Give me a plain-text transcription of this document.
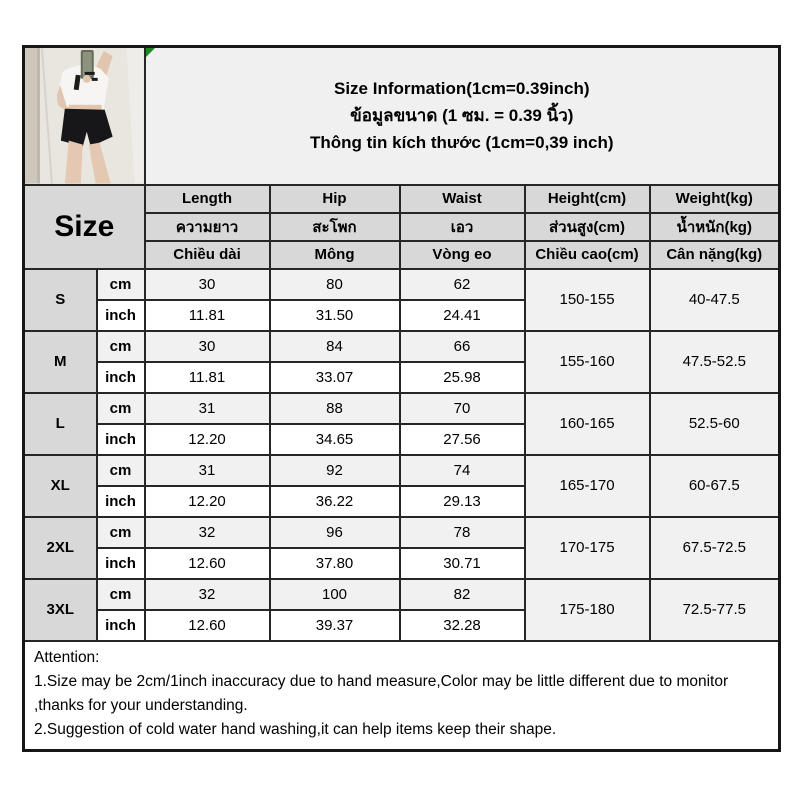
Size Information(1cm=0.39inch)
ข้อมูลขนาด (1 ซม. = 0.39 นิ้ว)
Thông tin kích thước (1cm=0,39 inch)				

Size		Length	Hip	Waist	Height(cm)	Weight(kg)
		ความยาว	สะโพก	เอว	ส่วนสูง(cm)	น้ำหนัก(kg)
		Chiều dài	Mông	Vòng eo	Chiều cao(cm)	Cân nặng(kg)
S	cm	30	80	62	150-155	40-47.5
	inch	11.81	31.50	24.41		
M	cm	30	84	66	155-160	47.5-52.5
	inch	11.81	33.07	25.98		
L	cm	31	88	70	160-165	52.5-60
	inch	12.20	34.65	27.56		
XL	cm	31	92	74	165-170	60-67.5
	inch	12.20	36.22	29.13		
2XL	cm	32	96	78	170-175	67.5-72.5
	inch	12.60	37.80	30.71		
3XL	cm	32	100	82	175-180	72.5-77.5
	inch	12.60	39.37	32.28		

Attention:
1.Size may be 2cm/1inch inaccuracy due to hand measure,Color may be little different due to monitor ,thanks for your understanding.
2.Suggestion of cold water hand washing,it can help items keep their shape.						
